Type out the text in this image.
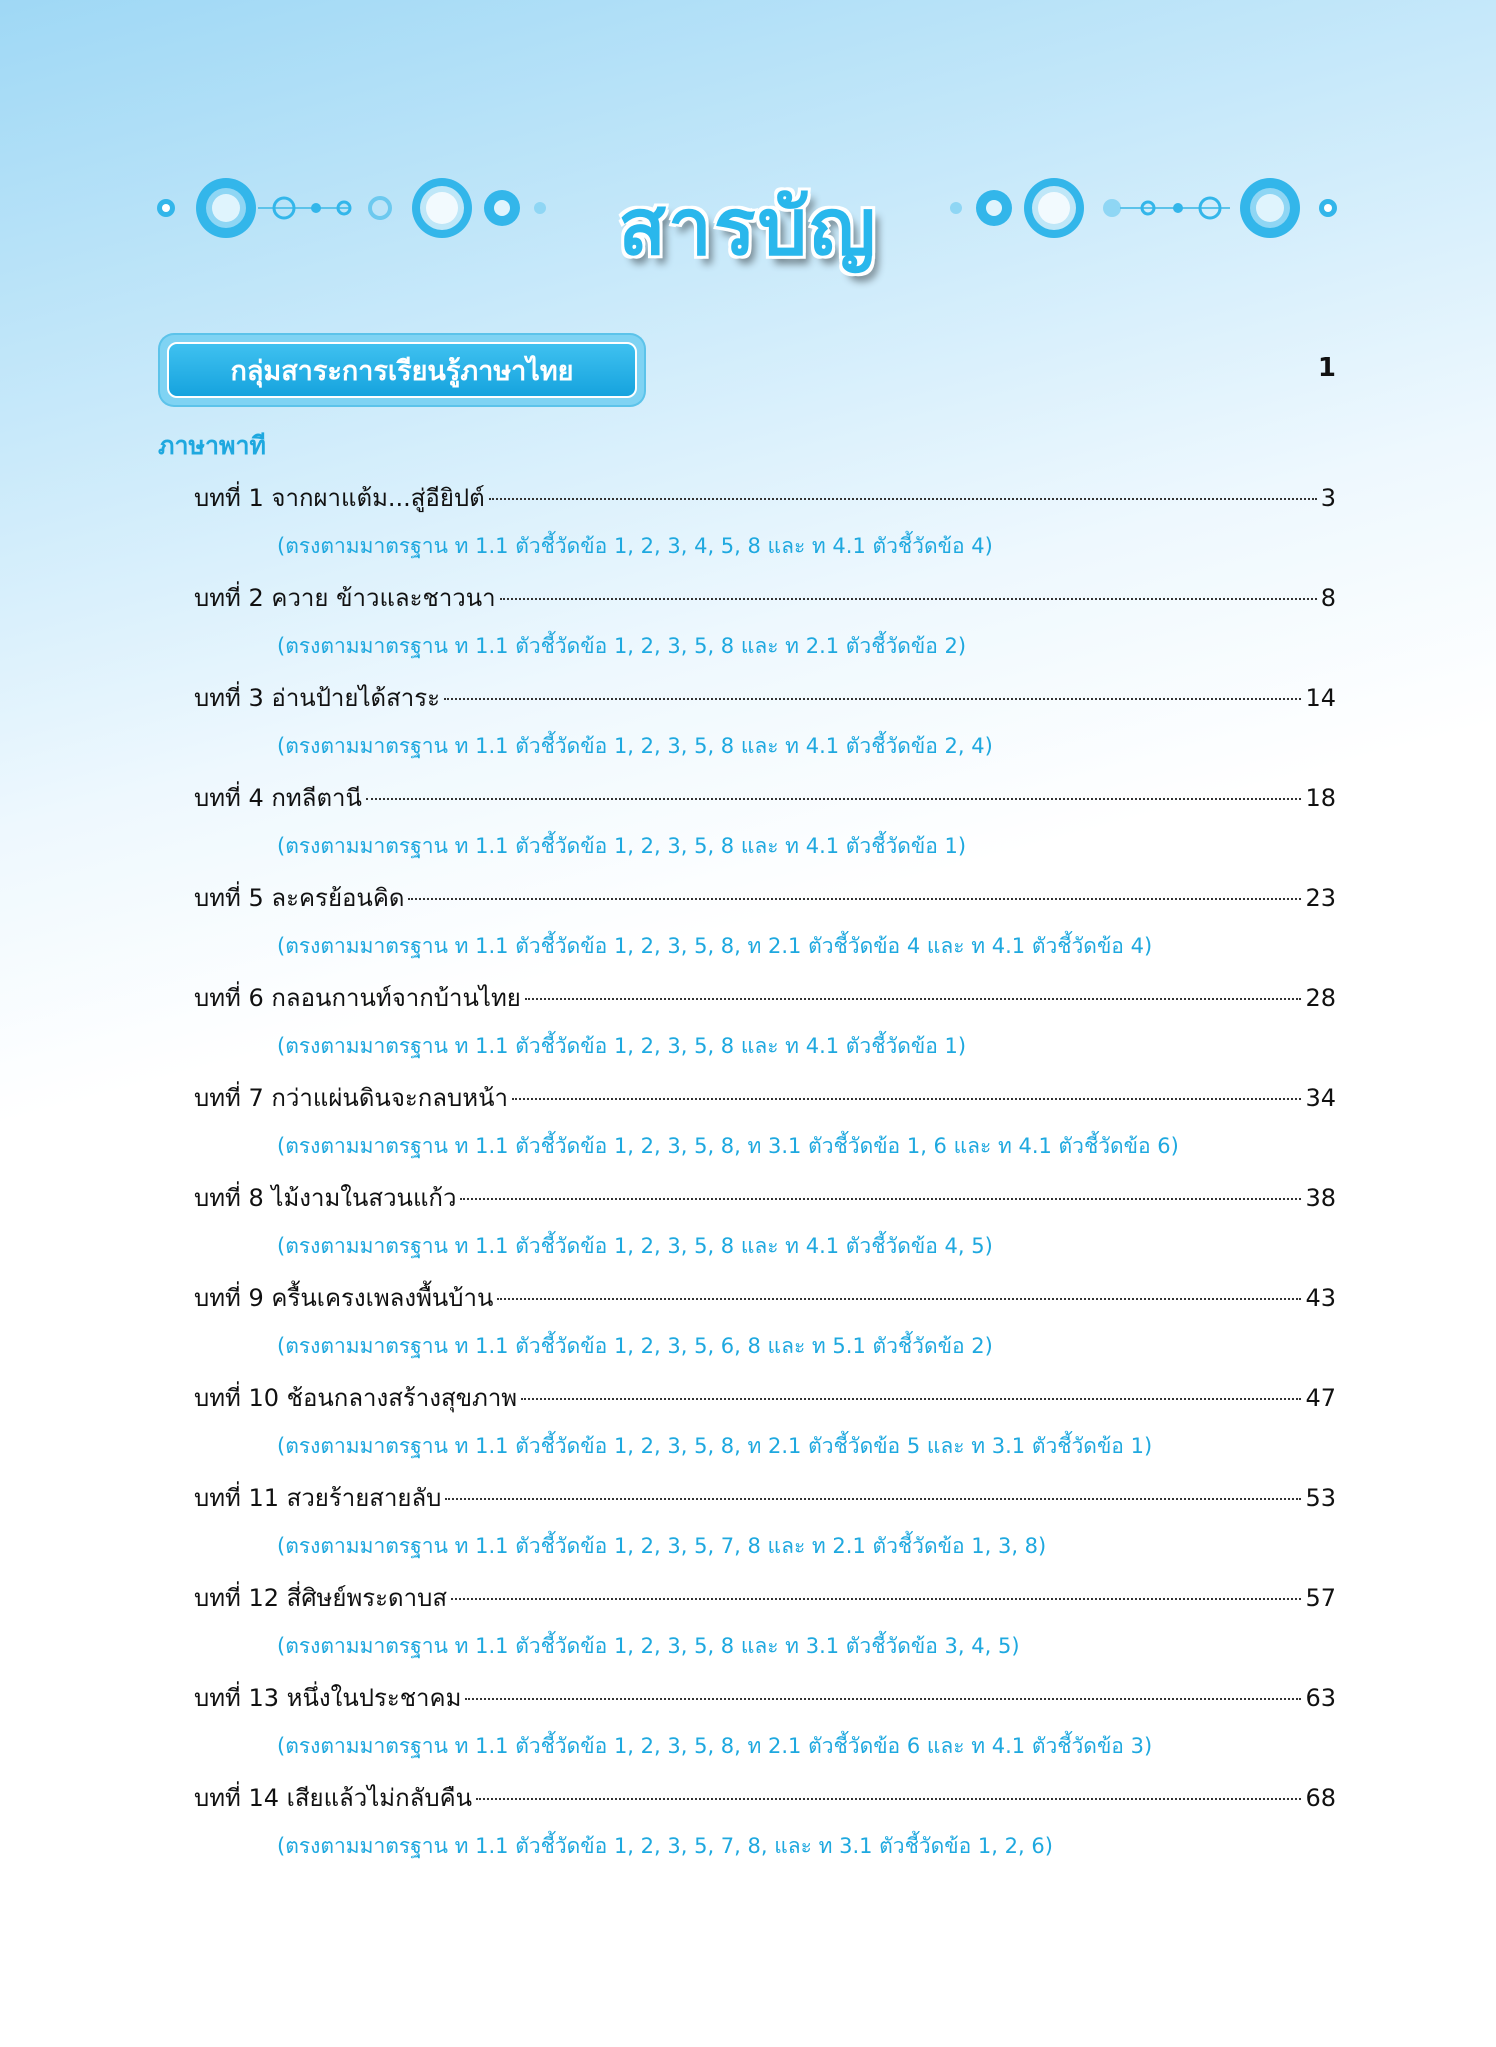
สารบัญ
กลุ่มสาระการเรียนรู้ภาษาไทย	1
ภาษาพาที
บทที่ 1 จากผาแต้ม...สู่อียิปต์	3
(ตรงตามมาตรฐาน ท 1.1 ตัวชี้วัดข้อ 1, 2, 3, 4, 5, 8 และ ท 4.1 ตัวชี้วัดข้อ 4)
บทที่ 2 ควาย ข้าวและชาวนา	8
(ตรงตามมาตรฐาน ท 1.1 ตัวชี้วัดข้อ 1, 2, 3, 5, 8 และ ท 2.1 ตัวชี้วัดข้อ 2)
บทที่ 3 อ่านป้ายได้สาระ	14
(ตรงตามมาตรฐาน ท 1.1 ตัวชี้วัดข้อ 1, 2, 3, 5, 8 และ ท 4.1 ตัวชี้วัดข้อ 2, 4)
บทที่ 4 กทลีตานี	18
(ตรงตามมาตรฐาน ท 1.1 ตัวชี้วัดข้อ 1, 2, 3, 5, 8 และ ท 4.1 ตัวชี้วัดข้อ 1)
บทที่ 5 ละครย้อนคิด	23
(ตรงตามมาตรฐาน ท 1.1 ตัวชี้วัดข้อ 1, 2, 3, 5, 8, ท 2.1 ตัวชี้วัดข้อ 4 และ ท 4.1 ตัวชี้วัดข้อ 4)
บทที่ 6 กลอนกานท์จากบ้านไทย	28
(ตรงตามมาตรฐาน ท 1.1 ตัวชี้วัดข้อ 1, 2, 3, 5, 8 และ ท 4.1 ตัวชี้วัดข้อ 1)
บทที่ 7 กว่าแผ่นดินจะกลบหน้า	34
(ตรงตามมาตรฐาน ท 1.1 ตัวชี้วัดข้อ 1, 2, 3, 5, 8, ท 3.1 ตัวชี้วัดข้อ 1, 6 และ ท 4.1 ตัวชี้วัดข้อ 6)
บทที่ 8 ไม้งามในสวนแก้ว	38
(ตรงตามมาตรฐาน ท 1.1 ตัวชี้วัดข้อ 1, 2, 3, 5, 8 และ ท 4.1 ตัวชี้วัดข้อ 4, 5)
บทที่ 9 ครื้นเครงเพลงพื้นบ้าน	43
(ตรงตามมาตรฐาน ท 1.1 ตัวชี้วัดข้อ 1, 2, 3, 5, 6, 8 และ ท 5.1 ตัวชี้วัดข้อ 2)
บทที่ 10 ช้อนกลางสร้างสุขภาพ	47
(ตรงตามมาตรฐาน ท 1.1 ตัวชี้วัดข้อ 1, 2, 3, 5, 8, ท 2.1 ตัวชี้วัดข้อ 5 และ ท 3.1 ตัวชี้วัดข้อ 1)
บทที่ 11 สวยร้ายสายลับ	53
(ตรงตามมาตรฐาน ท 1.1 ตัวชี้วัดข้อ 1, 2, 3, 5, 7, 8 และ ท 2.1 ตัวชี้วัดข้อ 1, 3, 8)
บทที่ 12 สี่ศิษย์พระดาบส	57
(ตรงตามมาตรฐาน ท 1.1 ตัวชี้วัดข้อ 1, 2, 3, 5, 8 และ ท 3.1 ตัวชี้วัดข้อ 3, 4, 5)
บทที่ 13 หนึ่งในประชาคม	63
(ตรงตามมาตรฐาน ท 1.1 ตัวชี้วัดข้อ 1, 2, 3, 5, 8, ท 2.1 ตัวชี้วัดข้อ 6 และ ท 4.1 ตัวชี้วัดข้อ 3)
บทที่ 14 เสียแล้วไม่กลับคืน	68
(ตรงตามมาตรฐาน ท 1.1 ตัวชี้วัดข้อ 1, 2, 3, 5, 7, 8, และ ท 3.1 ตัวชี้วัดข้อ 1, 2, 6)
